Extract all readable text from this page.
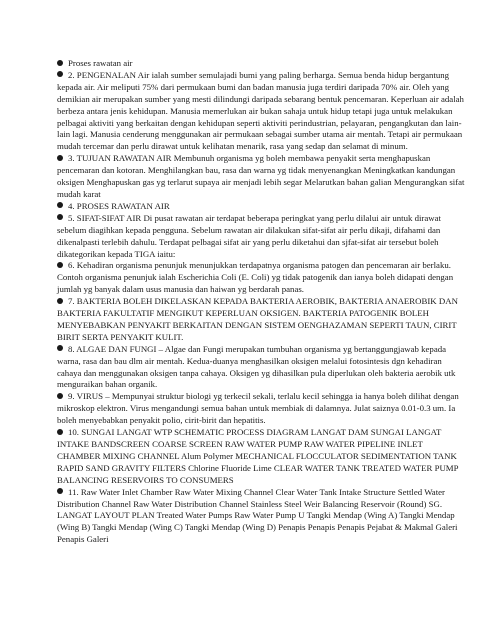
Proses rawatan air

2. PENGENALAN Air ialah sumber semulajadi bumi yang paling berharga. Semua benda hidup bergantung kepada air. Air meliputi 75% dari permukaan bumi dan badan manusia juga terdiri daripada 70% air. Oleh yang demikian air merupakan sumber yang mesti dilindungi daripada sebarang bentuk pencemaran. Keperluan air adalah berbeza antara jenis kehidupan. Manusia memerlukan air bukan sahaja untuk hidup tetapi juga untuk melakukan pelbagai aktiviti yang berkaitan dengan kehidupan seperti aktiviti perindustrian, pelayaran, pengangkutan dan lain-lain lagi. Manusia cenderung menggunakan air permukaan sebagai sumber utama air mentah. Tetapi air permukaan mudah tercemar dan perlu dirawat untuk kelihatan menarik, rasa yang sedap dan selamat di minum.

3. TUJUAN RAWATAN AIR Membunuh organisma yg boleh membawa penyakit serta menghapuskan pencemaran dan kotoran. Menghilangkan bau, rasa dan warna yg tidak menyenangkan Meningkatkan kandungan oksigen Menghapuskan gas yg terlarut supaya air menjadi lebih segar Melarutkan bahan galian Mengurangkan sifat mudah karat

4. PROSES RAWATAN AIR

5. SIFAT-SIFAT AIR Di pusat rawatan air terdapat beberapa peringkat yang perlu dilalui air untuk dirawat sebelum diagihkan kepada pengguna. Sebelum rawatan air dilakukan sifat-sifat air perlu dikaji, difahami dan dikenalpasti terlebih dahulu. Terdapat pelbagai sifat air yang perlu diketahui dan sjfat-sifat air tersebut boleh dikategorikan kepada TIGA iaitu:

6. Kehadiran organisma penunjuk menunjukkan terdapatnya organisma patogen dan pencemaran air berlaku. Contoh organisma penunjuk ialah Escherichia Coli (E. Coli) yg tidak patogenik dan ianya boleh didapati dengan jumlah yg banyak dalam usus manusia dan haiwan yg berdarah panas.

7. BAKTERIA BOLEH DIKELASKAN KEPADA BAKTERIA AEROBIK, BAKTERIA ANAEROBIK DAN BAKTERIA FAKULTATIF MENGIKUT KEPERLUAN OKSIGEN. BAKTERIA PATOGENIK BOLEH MENYEBABKAN PENYAKIT BERKAITAN DENGAN SISTEM OENGHAZAMAN SEPERTI TAUN, CIRIT BIRIT SERTA PENYAKIT KULIT.

8. ALGAE DAN FUNGI – Algae dan Fungi merupakan tumbuhan organisma yg bertanggungjawab kepada warna, rasa dan bau dlm air mentah. Kedua-duanya menghasilkan oksigen melalui fotosintesis dgn kehadiran cahaya dan menggunakan oksigen tanpa cahaya. Oksigen yg dihasilkan pula diperlukan oleh bakteria aerobik utk menguraikan bahan organik.

9. VIRUS – Mempunyai struktur biologi yg terkecil sekali, terlalu kecil sehingga ia hanya boleh dilihat dengan mikroskop elektron. Virus mengandungi semua bahan untuk membiak di dalamnya. Julat saiznya 0.01-0.3 um. Ia boleh menyebabkan penyakit polio, cirit-birit dan hepatitis.

10. SUNGAI LANGAT WTP SCHEMATIC PROCESS DIAGRAM LANGAT DAM SUNGAI LANGAT INTAKE BANDSCREEN COARSE SCREEN RAW WATER PUMP RAW WATER PIPELINE INLET CHAMBER MIXING CHANNEL Alum Polymer MECHANICAL FLOCCULATOR SEDIMENTATION TANK RAPID SAND GRAVITY FILTERS Chlorine Fluoride Lime CLEAR WATER TANK TREATED WATER PUMP BALANCING RESERVOIRS TO CONSUMERS

11. Raw Water Inlet Chamber Raw Water Mixing Channel Clear Water Tank Intake Structure Settled Water Distribution Channel Raw Water Distribution Channel Stainless Steel Weir Balancing Reservoir (Round) SG. LANGAT LAYOUT PLAN Treated Water Pumps Raw Water Pump U Tangki Mendap (Wing A) Tangki Mendap (Wing B) Tangki Mendap (Wing C) Tangki Mendap (Wing D) Penapis Penapis Penapis Pejabat & Makmal Galeri Penapis Galeri
